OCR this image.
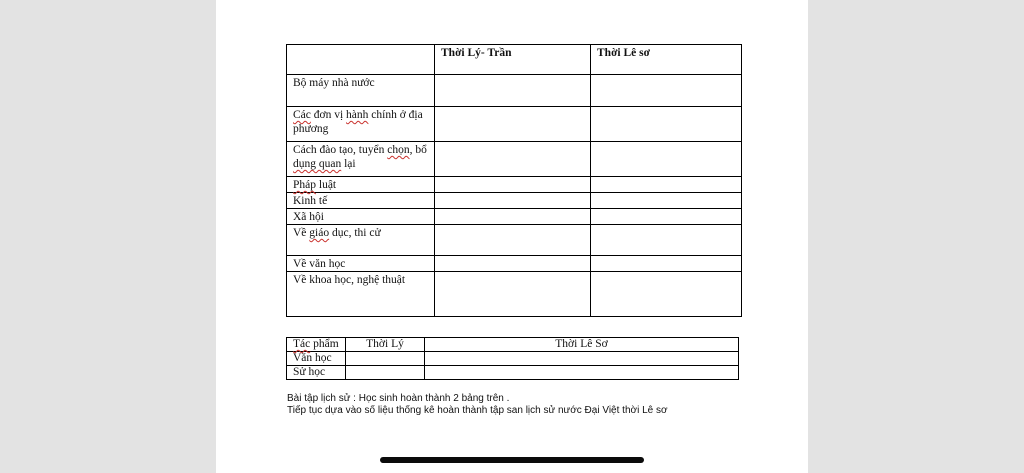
	Thời Lý- Trần	Thời Lê sơ
Bộ máy nhà nước		
Các đơn vị hành chính ở địa phương		
Cách đào tạo, tuyển chọn, bổ dụng quan lại		
Pháp luật		
Kinh tế		
Xã hội		
Về giáo dục, thi cử		
Về văn học		
Về khoa học, nghệ thuật		
Tác phẩm	Thời Lý	Thời Lê Sơ
Văn học		
Sử học		
Bài tập lịch sử : Học sinh hoàn thành 2 bảng trên .
Tiếp tục dựa vào số liệu thống kê hoàn thành tập san lịch sử nước Đại Việt thời Lê sơ
